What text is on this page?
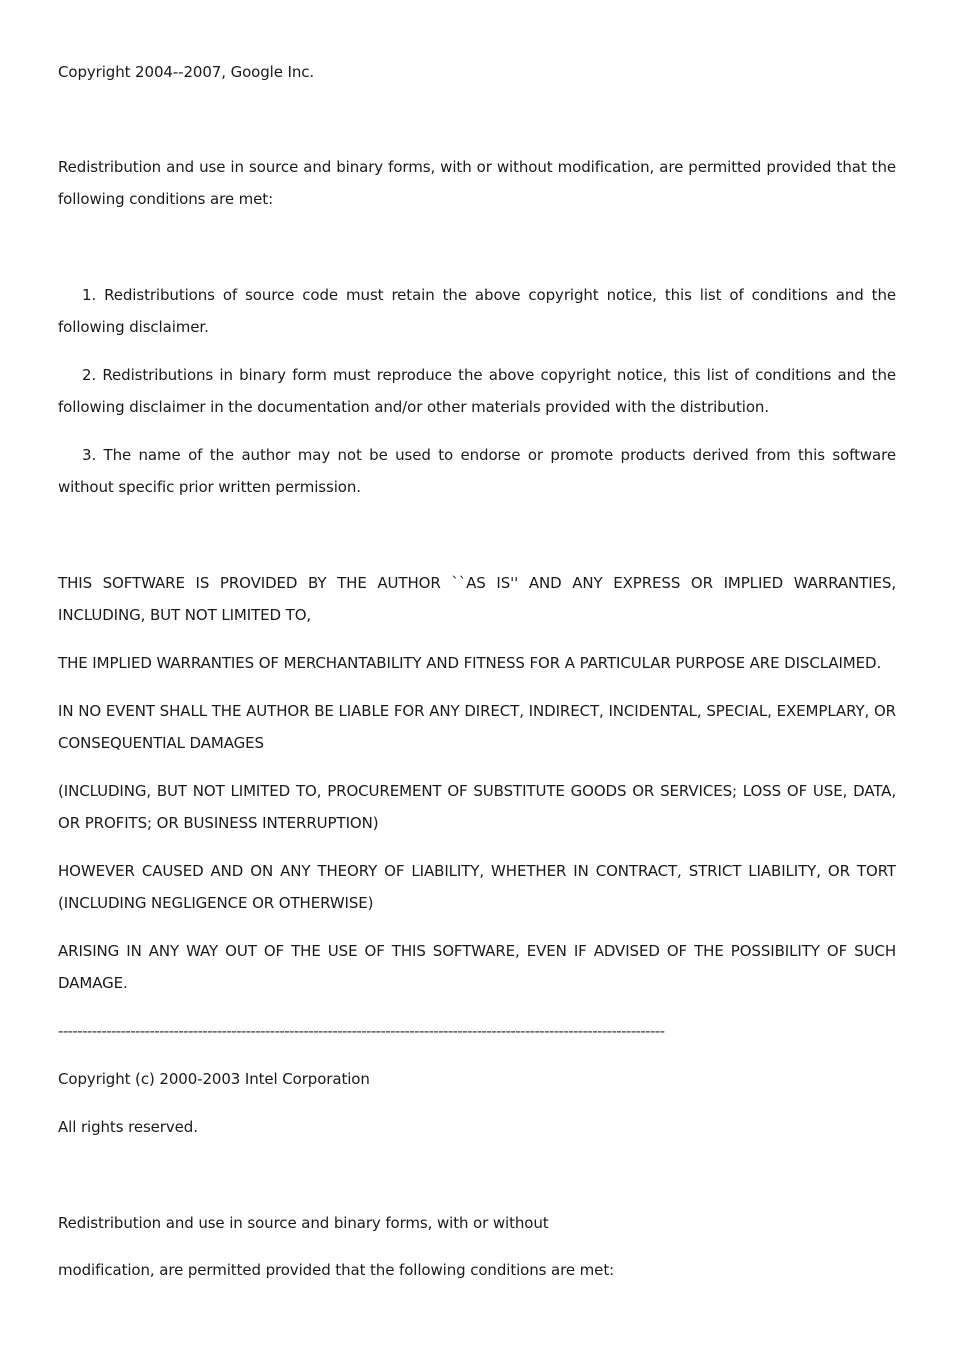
Copyright 2004--2007, Google Inc.

Redistribution and use in source and binary forms, with or without modification, are permitted provided that the following conditions are met:

1. Redistributions of source code must retain the above copyright notice, this list of conditions and the following disclaimer.

2. Redistributions in binary form must reproduce the above copyright notice, this list of conditions and the following disclaimer in the documentation and/or other materials provided with the distribution.

3. The name of the author may not be used to endorse or promote products derived from this software without specific prior written permission.

THIS SOFTWARE IS PROVIDED BY THE AUTHOR ``AS IS'' AND ANY EXPRESS OR IMPLIED WARRANTIES, INCLUDING, BUT NOT LIMITED TO,

THE IMPLIED WARRANTIES OF MERCHANTABILITY AND FITNESS FOR A PARTICULAR PURPOSE ARE DISCLAIMED.

IN NO EVENT SHALL THE AUTHOR BE LIABLE FOR ANY DIRECT, INDIRECT, INCIDENTAL, SPECIAL, EXEMPLARY, OR CONSEQUENTIAL DAMAGES

(INCLUDING, BUT NOT LIMITED TO, PROCUREMENT OF SUBSTITUTE GOODS OR SERVICES; LOSS OF USE, DATA, OR PROFITS; OR BUSINESS INTERRUPTION)

HOWEVER CAUSED AND ON ANY THEORY OF LIABILITY, WHETHER IN CONTRACT, STRICT LIABILITY, OR TORT (INCLUDING NEGLIGENCE OR OTHERWISE)

ARISING IN ANY WAY OUT OF THE USE OF THIS SOFTWARE, EVEN IF ADVISED OF THE POSSIBILITY OF SUCH DAMAGE.

------------------------------------------------------------------------------------------------------------------------------

Copyright (c) 2000-2003 Intel Corporation

All rights reserved.

Redistribution and use in source and binary forms, with or without

modification, are permitted provided that the following conditions are met:
